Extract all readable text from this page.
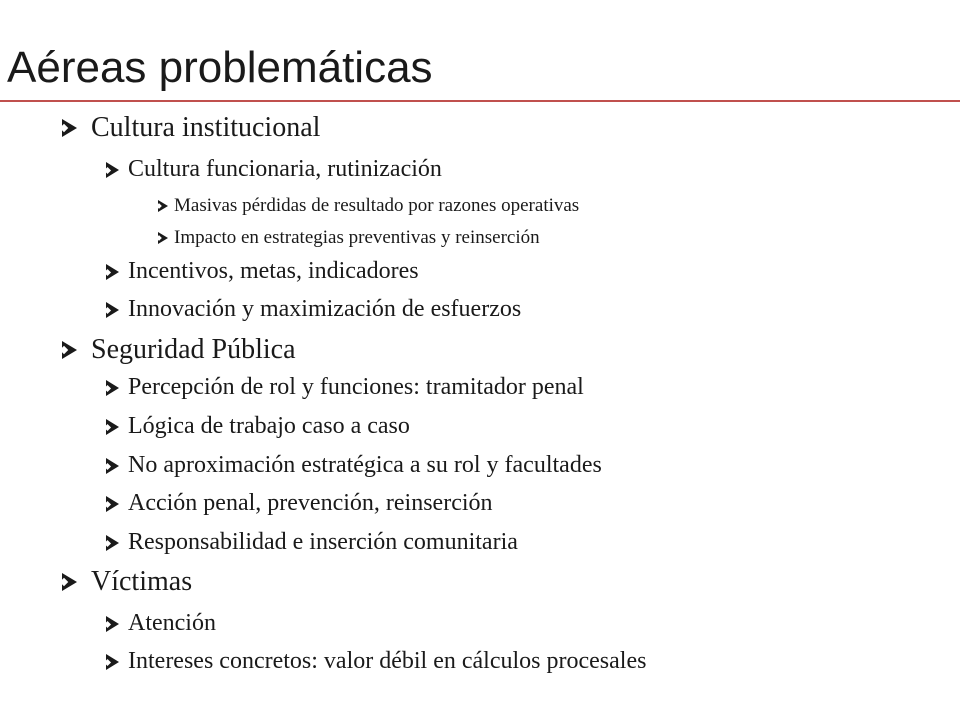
Aéreas problemáticas
Cultura institucional
Cultura funcionaria, rutinización
Masivas pérdidas de resultado por razones operativas
Impacto en estrategias preventivas y reinserción
Incentivos, metas, indicadores
Innovación y maximización de esfuerzos
Seguridad Pública
Percepción de rol y funciones: tramitador penal
Lógica de trabajo caso a caso
No aproximación estratégica a su rol y facultades
Acción penal, prevención, reinserción
Responsabilidad e inserción comunitaria
Víctimas
Atención
Intereses concretos: valor débil en cálculos procesales
